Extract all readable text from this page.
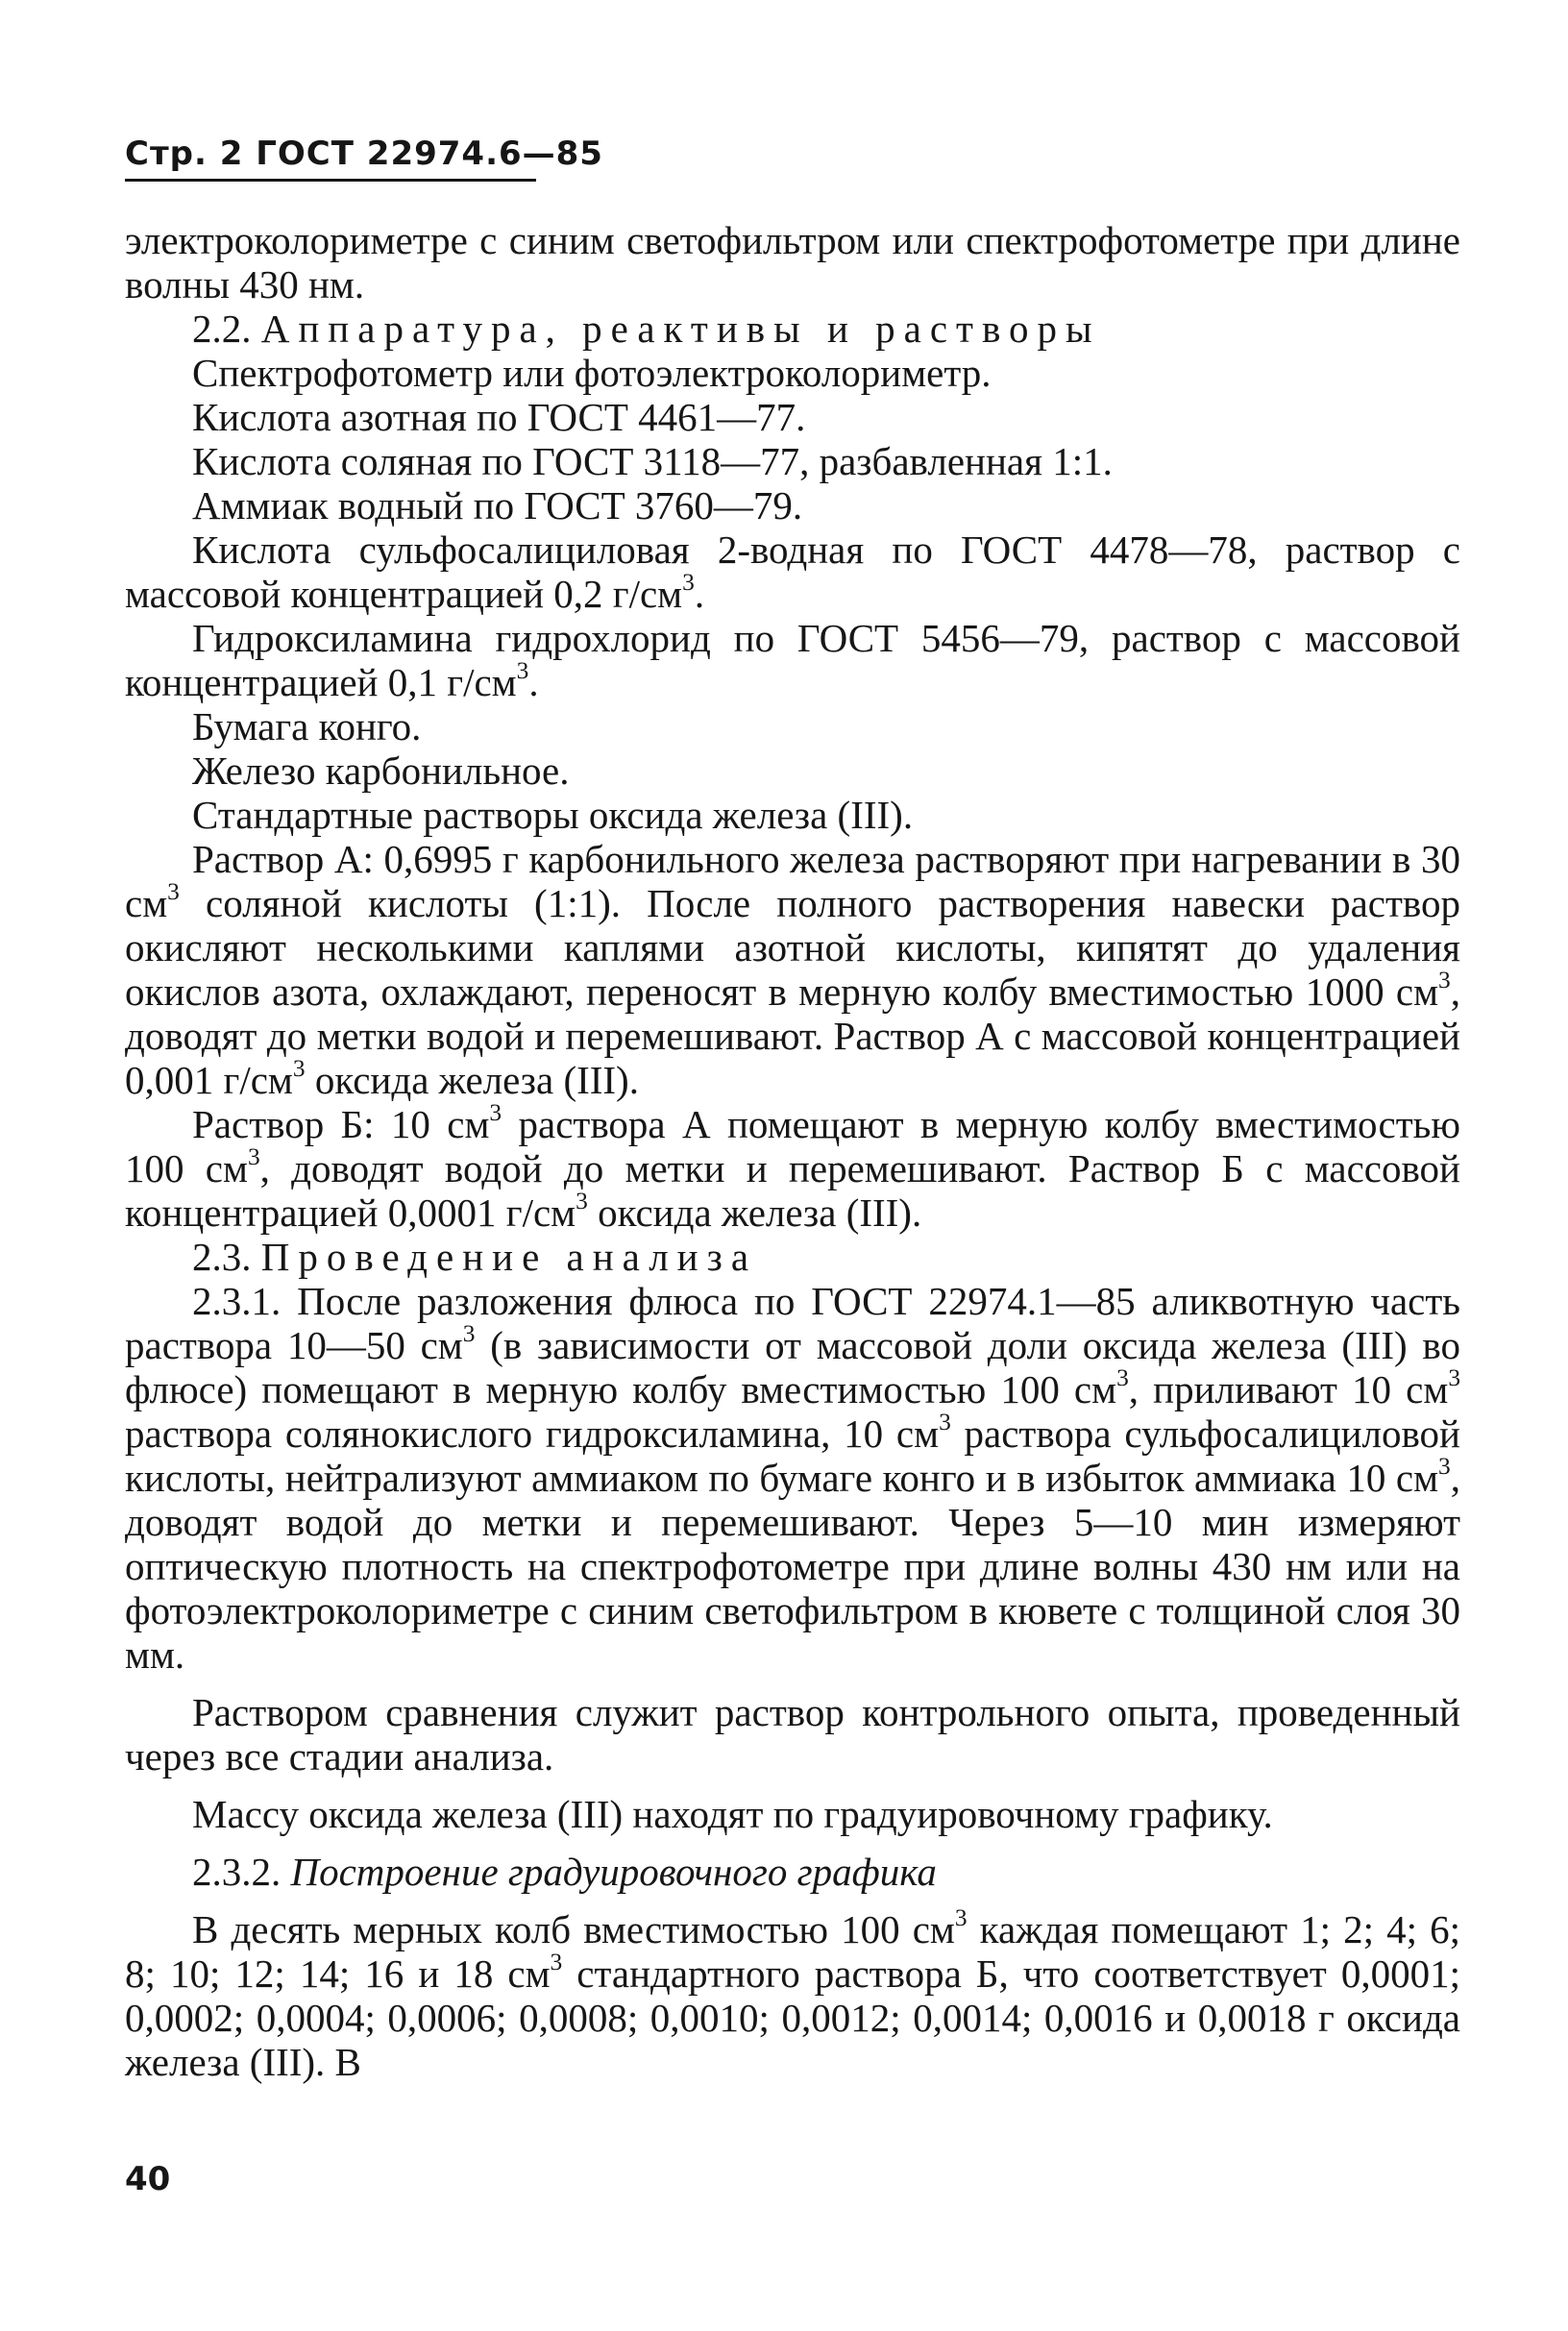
Стр. 2 ГОСТ 22974.6—85

электроколориметре с синим светофильтром или спектрофотометре при длине волны 430 нм.

2.2. Аппаратура, реактивы и растворы

Спектрофотометр или фотоэлектроколориметр.

Кислота азотная по ГОСТ 4461—77.

Кислота соляная по ГОСТ 3118—77, разбавленная 1:1.

Аммиак водный по ГОСТ 3760—79.

Кислота сульфосалициловая 2-водная по ГОСТ 4478—78, раствор с массовой концентрацией 0,2 $г/см^3$.

Гидроксиламина гидрохлорид по ГОСТ 5456—79, раствор с массовой концентрацией 0,1 $г/см^3$.

Бумага конго.

Железо карбонильное.

Стандартные растворы оксида железа (III).

Раствор А: 0,6995 г карбонильного железа растворяют при нагревании в 30 $см^3$ соляной кислоты (1:1). После полного растворения навески раствор окисляют несколькими каплями азотной кислоты, кипятят до удаления окислов азота, охлаждают, переносят в мерную колбу вместимостью 1000 $см^3$, доводят до метки водой и перемешивают. Раствор А с массовой концентрацией 0,001 $г/см^3$ оксида железа (III).

Раствор Б: 10 $см^3$ раствора А помещают в мерную колбу вместимостью 100 $см^3$, доводят водой до метки и перемешивают. Раствор Б с массовой концентрацией 0,0001 $г/см^3$ оксида железа (III).

2.3. Проведение анализа

2.3.1. После разложения флюса по ГОСТ 22974.1—85 аликвотную часть раствора 10—50 $см^3$ (в зависимости от массовой доли оксида железа (III) во флюсе) помещают в мерную колбу вместимостью 100 $см^3$, приливают 10 $см^3$ раствора солянокислого гидроксиламина, 10 $см^3$ раствора сульфосалициловой кислоты, нейтрализуют аммиаком по бумаге конго и в избыток аммиака 10 $см^3$, доводят водой до метки и перемешивают. Через 5—10 мин измеряют оптическую плотность на спектрофотометре при длине волны 430 нм или на фотоэлектроколориметре с синим светофильтром в кювете с толщиной слоя 30 мм.

Раствором сравнения служит раствор контрольного опыта, проведенный через все стадии анализа.

Массу оксида железа (III) находят по градуировочному графику.

2.3.2. Построение градуировочного графика

В десять мерных колб вместимостью 100 $см^3$ каждая помещают 1; 2; 4; 6; 8; 10; 12; 14; 16 и 18 $см^3$ стандартного раствора Б, что соответствует 0,0001; 0,0002; 0,0004; 0,0006; 0,0008; 0,0010; 0,0012; 0,0014; 0,0016 и 0,0018 г оксида железа (III). В

40
